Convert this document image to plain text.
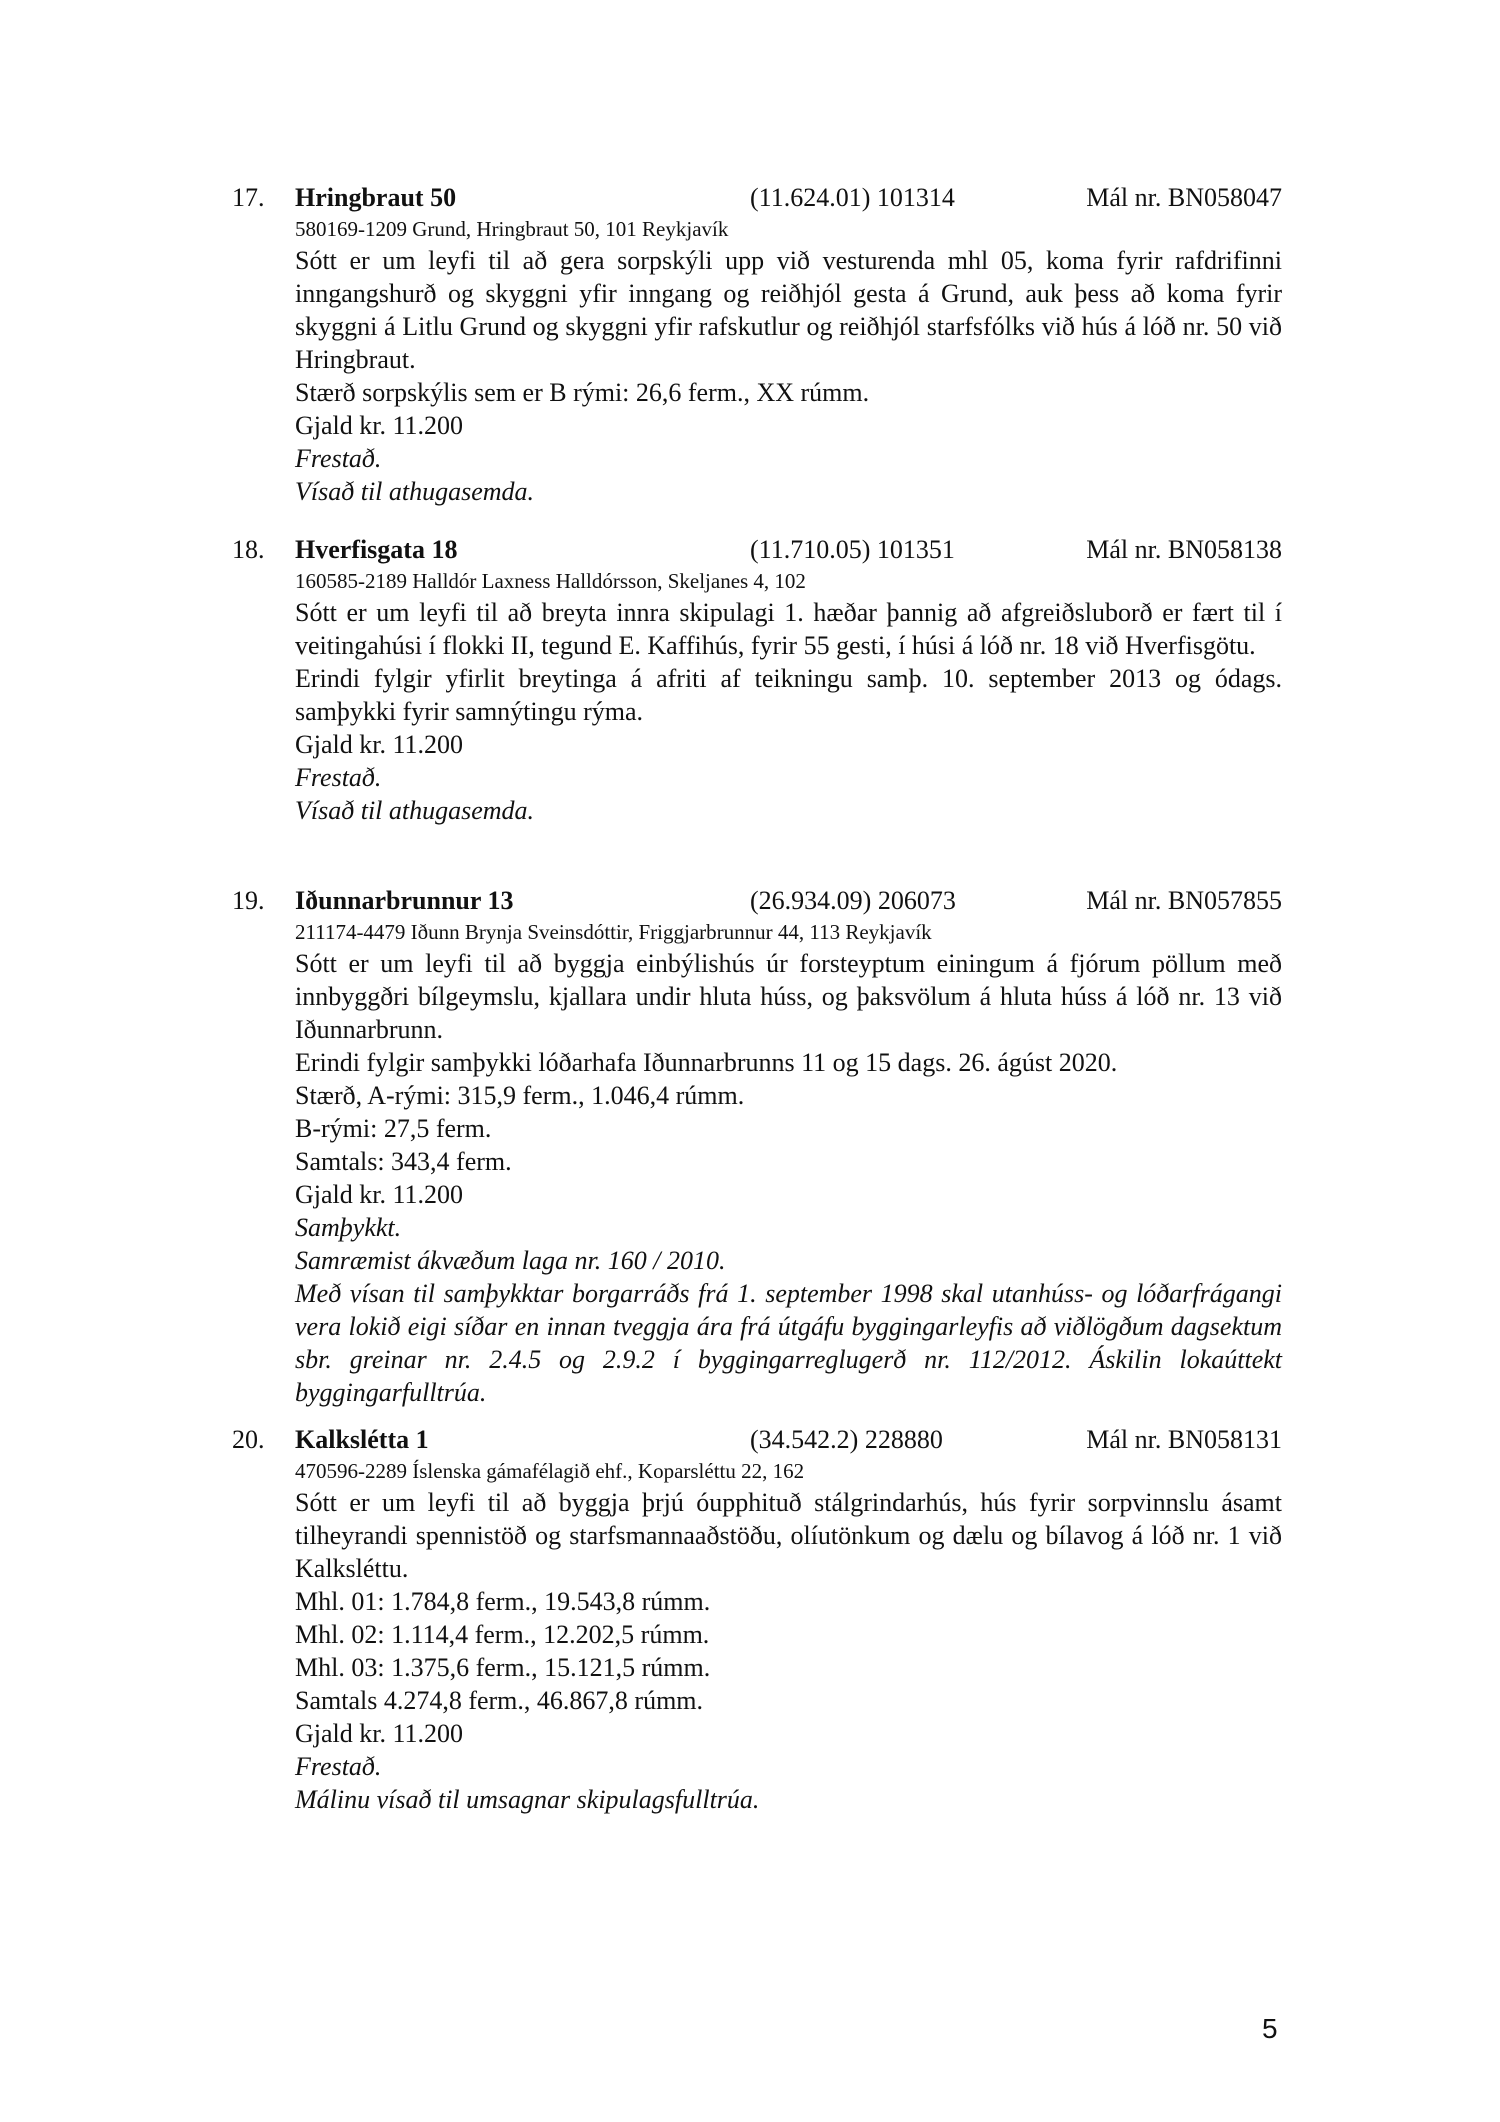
17. Hringbraut 50	(11.624.01) 101314	Mál nr. BN058047
580169-1209 Grund, Hringbraut 50, 101 Reykjavík
Sótt er um leyfi til að gera sorpskýli upp við vesturenda mhl 05, koma fyrir rafdrifinni inngangshurð og skyggni yfir inngang og reiðhjól gesta á Grund, auk þess að koma fyrir skyggni á Litlu Grund og skyggni yfir rafskutlur og reiðhjól starfsfólks við hús á lóð nr. 50 við Hringbraut.
Stærð sorpskýlis sem er B rými: 26,6 ferm., XX rúmm.
Gjald kr. 11.200
Frestað.
Vísað til athugasemda.
18. Hverfisgata 18	(11.710.05) 101351	Mál nr. BN058138
160585-2189 Halldór Laxness Halldórsson, Skeljanes 4, 102
Sótt er um leyfi til að breyta innra skipulagi 1. hæðar þannig að afgreiðsluborð er fært til í veitingahúsi í flokki II, tegund E. Kaffihús, fyrir 55 gesti, í húsi á lóð nr. 18 við Hverfisgötu.
Erindi fylgir yfirlit breytinga á afriti af teikningu samþ. 10. september 2013 og ódags. samþykki fyrir samnýtingu rýma.
Gjald kr. 11.200
Frestað.
Vísað til athugasemda.
19. Iðunnarbrunnur 13	(26.934.09) 206073	Mál nr. BN057855
211174-4479 Iðunn Brynja Sveinsdóttir, Friggjarbrunnur 44, 113 Reykjavík
Sótt er um leyfi til að byggja einbýlishús úr forsteyptum einingum á fjórum pöllum með innbyggðri bílgeymslu, kjallara undir hluta húss, og þaksvölum á hluta húss á lóð nr. 13 við Iðunnarbrunn.
Erindi fylgir samþykki lóðarhafa Iðunnarbrunns 11 og 15 dags. 26. ágúst 2020.
Stærð, A-rými: 315,9 ferm., 1.046,4 rúmm.
B-rými: 27,5 ferm.
Samtals: 343,4 ferm.
Gjald kr. 11.200
Samþykkt.
Samræmist ákvæðum laga nr. 160 / 2010.
Með vísan til samþykktar borgarráðs frá 1. september 1998 skal utanhúss- og lóðarfrágangi vera lokið eigi síðar en innan tveggja ára frá útgáfu byggingarleyfis að viðlögðum dagsektum sbr. greinar nr. 2.4.5 og 2.9.2 í byggingarreglugerð nr. 112/2012. Áskilin lokaúttekt byggingarfulltrúa.
20. Kalkslétta 1	(34.542.2) 228880	Mál nr. BN058131
470596-2289 Íslenska gámafélagið ehf., Koparsléttu 22, 162
Sótt er um leyfi til að byggja þrjú óupphituð stálgrindarhús, hús fyrir sorpvinnslu ásamt tilheyrandi spennistöð og starfsmannaaðstöðu, olíutönkum og dælu og bílavog á lóð nr. 1 við Kalksléttu.
Mhl. 01: 1.784,8 ferm., 19.543,8 rúmm.
Mhl. 02: 1.114,4 ferm., 12.202,5 rúmm.
Mhl. 03: 1.375,6 ferm., 15.121,5 rúmm.
Samtals 4.274,8 ferm., 46.867,8 rúmm.
Gjald kr. 11.200
Frestað.
Málinu vísað til umsagnar skipulagsfulltrúa.
5
